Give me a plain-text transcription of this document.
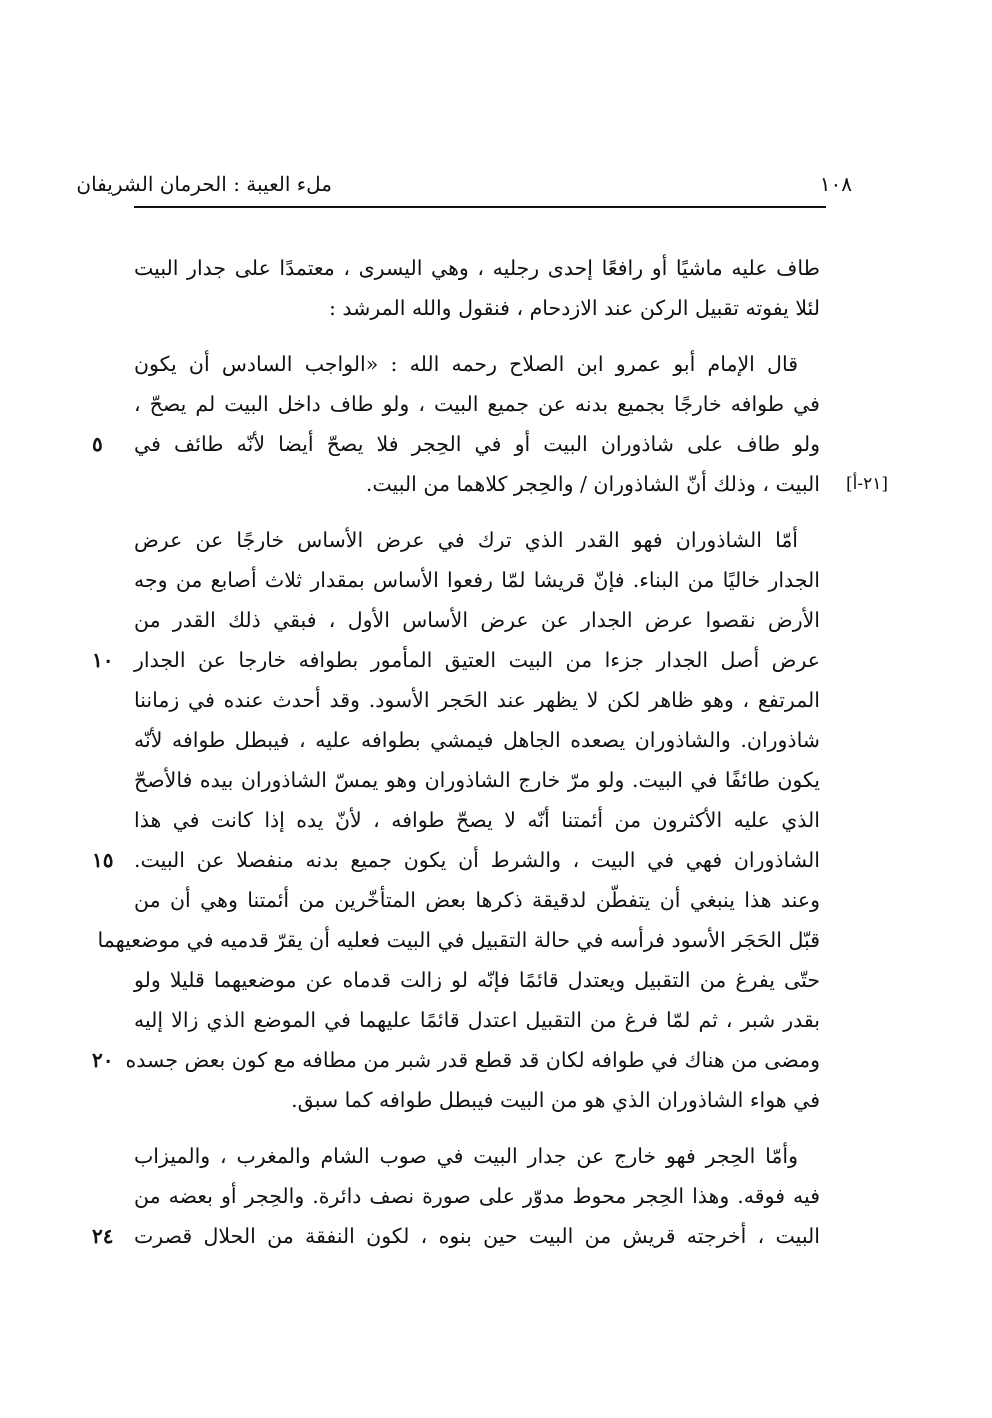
ملء العيبة : الحرمان الشريفان	١٠٨
طاف عليه ماشيًا أو رافعًا إحدى رجليه ، وهي اليسرى ، معتمدًا على جدار البيت
لئلا يفوته تقبيل الركن عند الازدحام ، فنقول والله المرشد :
قال الإمام أبو عمرو ابن الصلاح رحمه الله : «الواجب السادس أن يكون
في طوافه خارجًا بجميع بدنه عن جميع البيت ، ولو طاف داخل البيت لم يصحّ ،
ولو طاف على شاذوران البيت أو في الحِجر فلا يصحّ أيضا لأنّه طائف في
٥
البيت ، وذلك أنّ الشاذوران / والحِجر كلاهما من البيت. [٢١-أ]
أمّا الشاذوران فهو القدر الذي ترك في عرض الأساس خارجًا عن عرض
الجدار خاليًا من البناء. فإنّ قريشا لمّا رفعوا الأساس بمقدار ثلاث أصابع من وجه
الأرض نقصوا عرض الجدار عن عرض الأساس الأول ، فبقي ذلك القدر من
عرض أصل الجدار جزءا من البيت العتيق المأمور بطوافه خارجا عن الجدار
١٠
المرتفع ، وهو ظاهر لكن لا يظهر عند الحَجر الأسود. وقد أحدث عنده في زماننا
شاذوران. والشاذوران يصعده الجاهل فيمشي بطوافه عليه ، فيبطل طوافه لأنّه
يكون طائفًا في البيت. ولو مرّ خارج الشاذوران وهو يمسّ الشاذوران بيده فالأصحّ
الذي عليه الأكثرون من أئمتنا أنّه لا يصحّ طوافه ، لأنّ يده إذا كانت في هذا
الشاذوران فهي في البيت ، والشرط أن يكون جميع بدنه منفصلا عن البيت.
١٥
وعند هذا ينبغي أن يتفطّن لدقيقة ذكرها بعض المتأخّرين من أئمتنا وهي أن من
قبّل الحَجَر الأسود فرأسه في حالة التقبيل في البيت فعليه أن يقرّ قدميه في موضعيهما
حتّى يفرغ من التقبيل ويعتدل قائمًا فإنّه لو زالت قدماه عن موضعيهما قليلا ولو
بقدر شبر ، ثم لمّا فرغ من التقبيل اعتدل قائمًا عليهما في الموضع الذي زالا إليه
ومضى من هناك في طوافه لكان قد قطع قدر شبر من مطافه مع كون بعض جسده
٢٠
في هواء الشاذوران الذي هو من البيت فيبطل طوافه كما سبق.
وأمّا الحِجر فهو خارج عن جدار البيت في صوب الشام والمغرب ، والميزاب
فيه فوقه. وهذا الحِجر محوط مدوّر على صورة نصف دائرة. والحِجر أو بعضه من
البيت ، أخرجته قريش من البيت حين بنوه ، لكون النفقة من الحلال قصرت
٢٤
